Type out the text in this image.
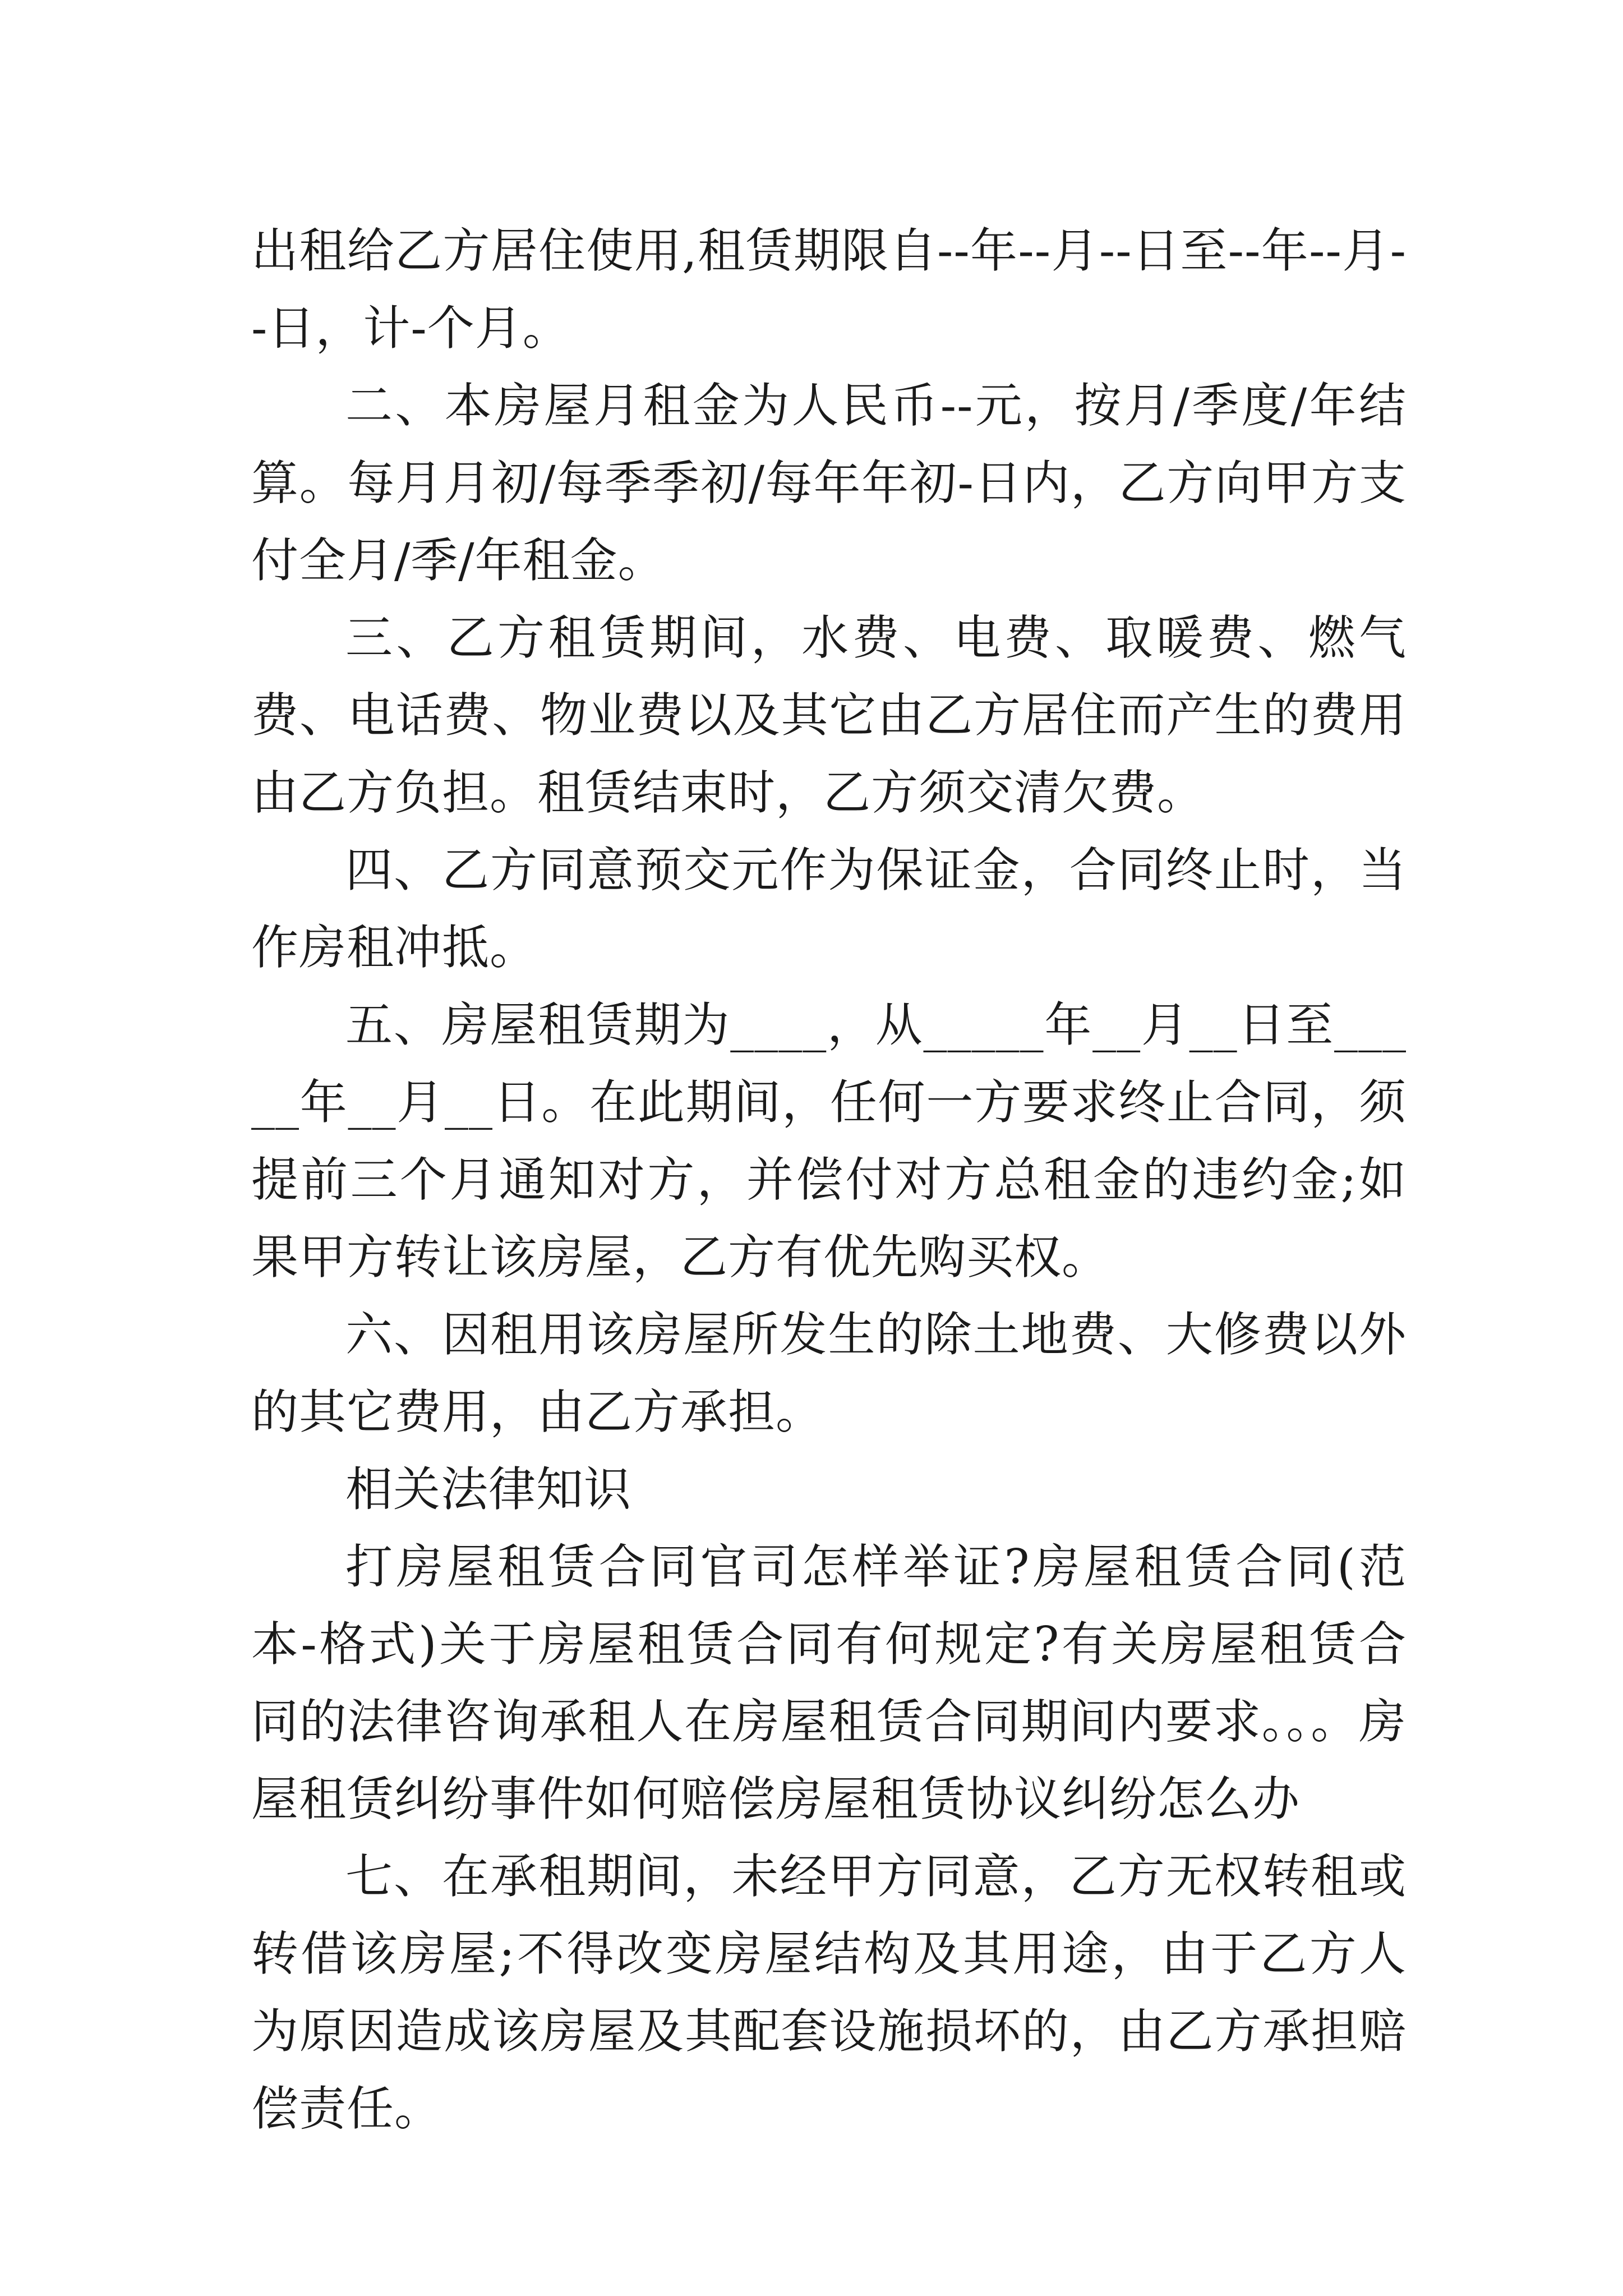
出租给乙方居住使用,租赁期限自--年--月--日至--年--月--日，计-个月。

二、本房屋月租金为人民币--元，按月/季度/年结算。每月月初/每季季初/每年年初-日内，乙方向甲方支付全月/季/年租金。

三、乙方租赁期间，水费、电费、取暖费、燃气费、电话费、物业费以及其它由乙方居住而产生的费用由乙方负担。租赁结束时，乙方须交清欠费。

四、乙方同意预交元作为保证金，合同终止时，当作房租冲抵。

五、房屋租赁期为____，从_____年__月__日至_____年__月__日。在此期间，任何一方要求终止合同，须提前三个月通知对方，并偿付对方总租金的违约金;如果甲方转让该房屋，乙方有优先购买权。

六、因租用该房屋所发生的除土地费、大修费以外的其它费用，由乙方承担。

相关法律知识

打房屋租赁合同官司怎样举证?房屋租赁合同(范本-格式)关于房屋租赁合同有何规定?有关房屋租赁合同的法律咨询承租人在房屋租赁合同期间内要求。。。房屋租赁纠纷事件如何赔偿房屋租赁协议纠纷怎么办

七、在承租期间，未经甲方同意，乙方无权转租或转借该房屋;不得改变房屋结构及其用途，由于乙方人为原因造成该房屋及其配套设施损坏的，由乙方承担赔偿责任。
